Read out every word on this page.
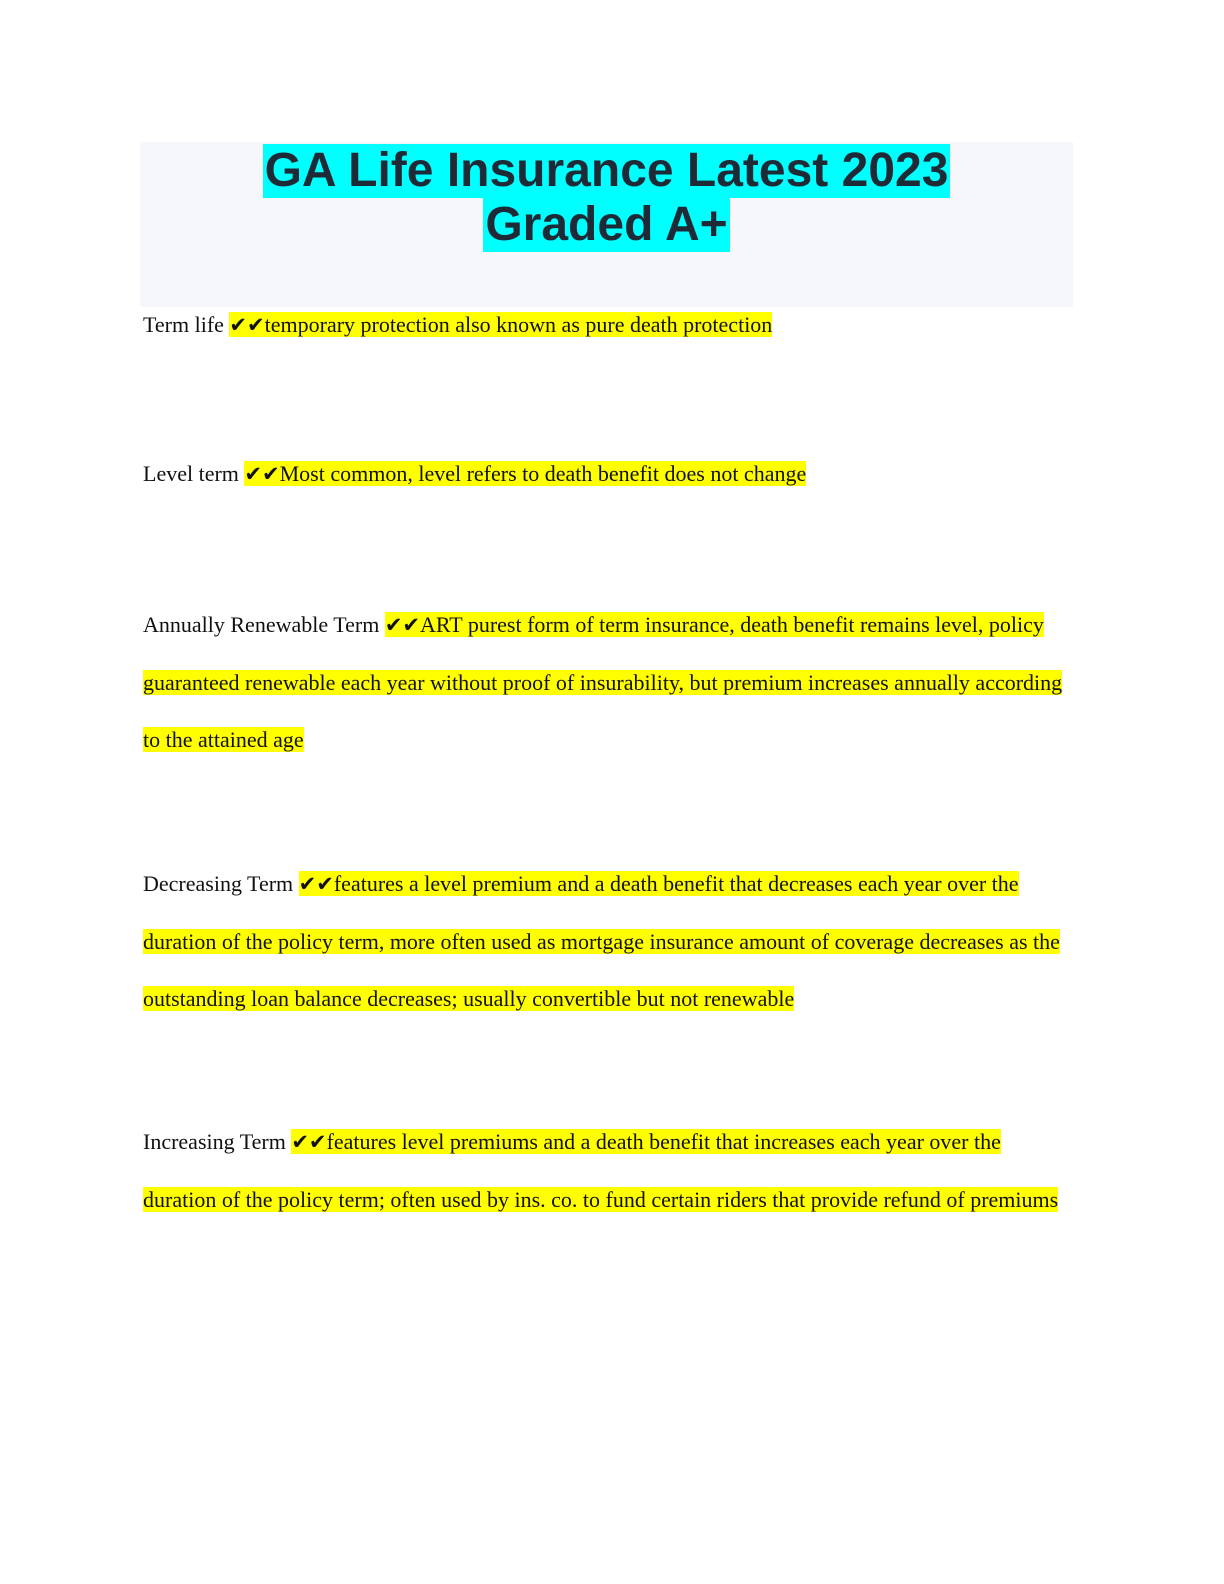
GA Life Insurance Latest 2023
Graded A+
Term life ✔✔temporary protection also known as pure death protection
Level term ✔✔Most common, level refers to death benefit does not change
Annually Renewable Term ✔✔ART purest form of term insurance, death benefit remains level, policy guaranteed renewable each year without proof of insurability, but premium increases annually according to the attained age
Decreasing Term ✔✔features a level premium and a death benefit that decreases each year over the duration of the policy term, more often used as mortgage insurance amount of coverage decreases as the outstanding loan balance decreases; usually convertible but not renewable
Increasing Term ✔✔features level premiums and a death benefit that increases each year over the duration of the policy term; often used by ins. co. to fund certain riders that provide refund of premiums
